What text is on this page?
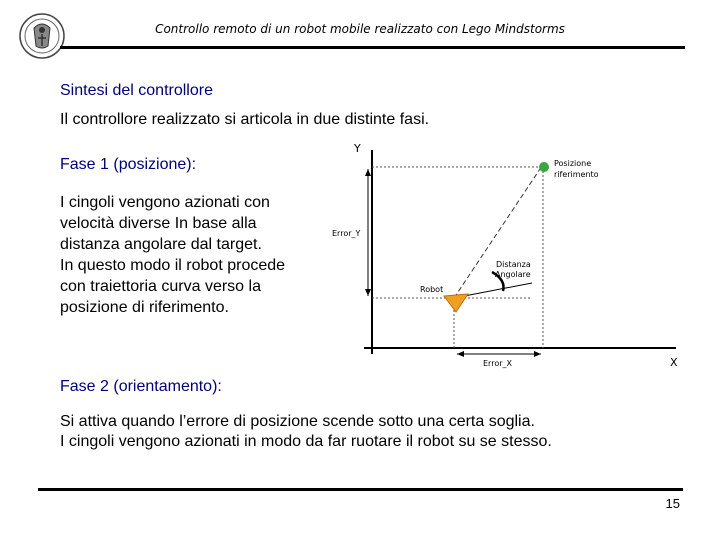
Controllo remoto di un robot mobile realizzato con Lego Mindstorms
Sintesi del controllore
Il controllore realizzato si articola in due distinte fasi.
Fase 1 (posizione):
I cingoli vengono azionati con
velocità diverse In base alla
distanza angolare dal target.
In questo modo il robot procede
con traiettoria curva verso la
posizione di riferimento.
Y
X
Error_Y
Error_X
Distanza
Angolare
Posizione
riferimento
Robot
Fase 2 (orientamento):
Si attiva quando l’errore di posizione scende sotto una certa soglia.
I cingoli vengono azionati in modo da far ruotare il robot su se stesso.
15
